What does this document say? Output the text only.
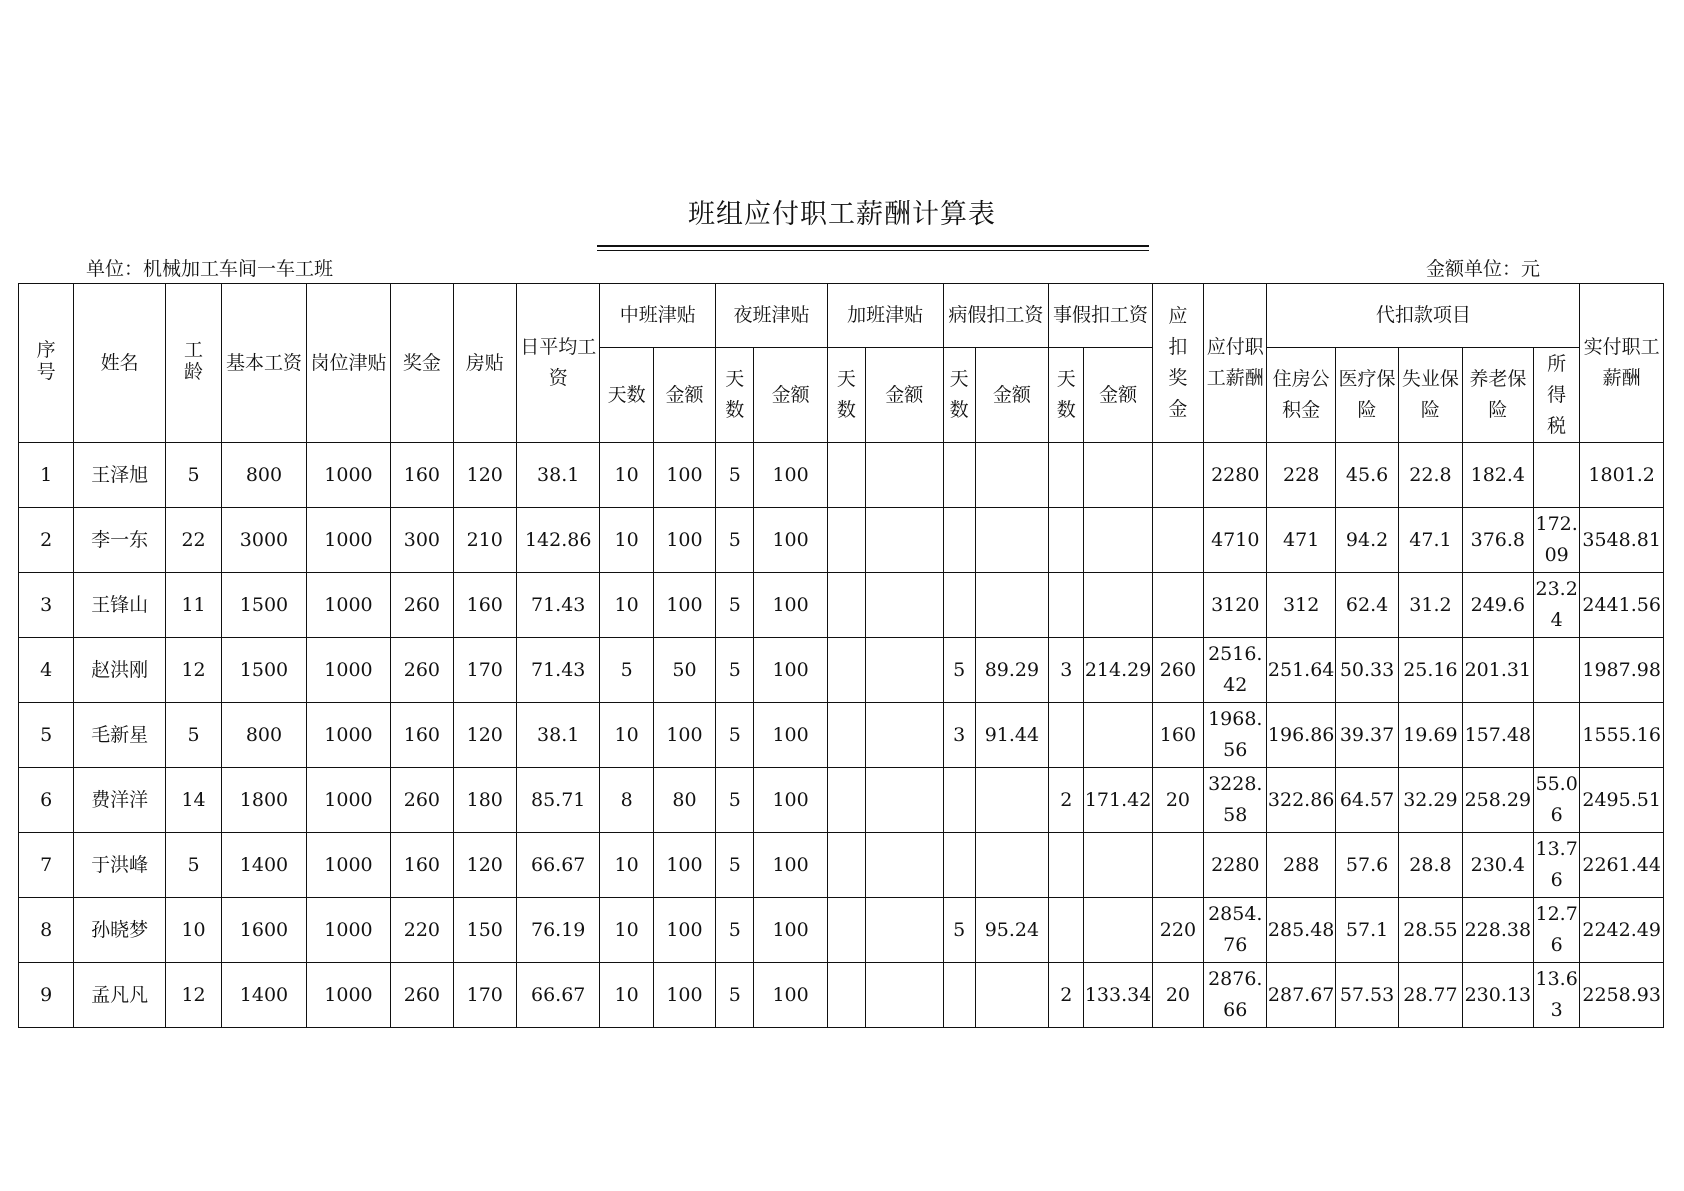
班组应付职工薪酬计算表
单位：机械加工车间一车工班	金额单位：元
序号	姓名	工龄	基本工资	岗位津贴	奖金	房贴	日平均工资	中班津贴		夜班津贴		加班津贴		病假扣工资		事假扣工资		应扣奖金	应付职工薪酬	代扣款项目					实付职工薪酬
								天数	金额	天数	金额	天数	金额	天数	金额	天数	金额			住房公积金	医疗保险	失业保险	养老保险	所得税	
1	王泽旭	5	800	1000	160	120	38.1	10	100	5	100								2280	228	45.6	22.8	182.4		1801.2
2	李一东	22	3000	1000	300	210	142.86	10	100	5	100								4710	471	94.2	47.1	376.8	172.09	3548.81
3	王锋山	11	1500	1000	260	160	71.43	10	100	5	100								3120	312	62.4	31.2	249.6	23.24	2441.56
4	赵洪刚	12	1500	1000	260	170	71.43	5	50	5	100			5	89.29	3	214.29	260	2516.42	251.64	50.33	25.16	201.31		1987.98
5	毛新星	5	800	1000	160	120	38.1	10	100	5	100			3	91.44			160	1968.56	196.86	39.37	19.69	157.48		1555.16
6	费洋洋	14	1800	1000	260	180	85.71	8	80	5	100					2	171.42	20	3228.58	322.86	64.57	32.29	258.29	55.06	2495.51
7	于洪峰	5	1400	1000	160	120	66.67	10	100	5	100								2280	288	57.6	28.8	230.4	13.76	2261.44
8	孙晓梦	10	1600	1000	220	150	76.19	10	100	5	100			5	95.24			220	2854.76	285.48	57.1	28.55	228.38	12.76	2242.49
9	孟凡凡	12	1400	1000	260	170	66.67	10	100	5	100					2	133.34	20	2876.66	287.67	57.53	28.77	230.13	13.63	2258.93
